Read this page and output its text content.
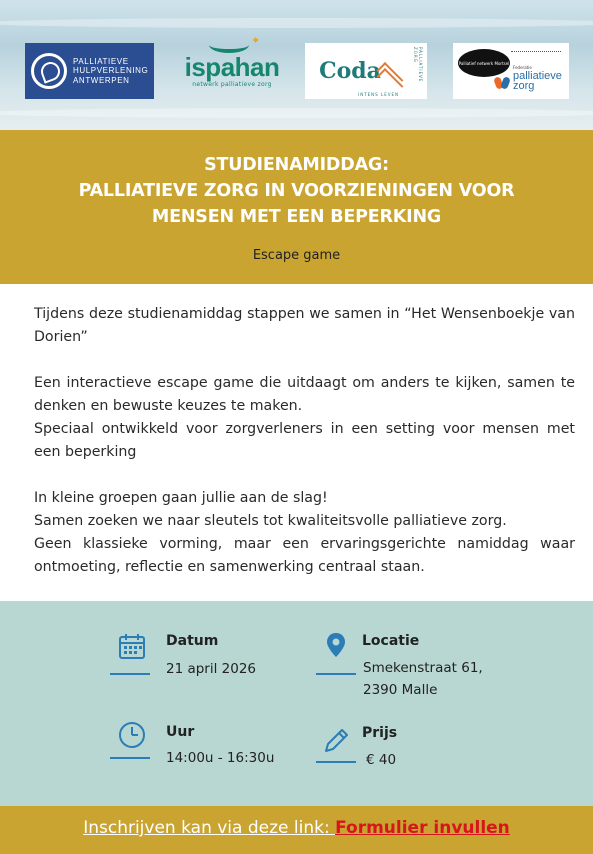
PALLIATIEVE
HULPVERLENING
ANTWERPEN
✦
ispahan
netwerk palliatieve zorg
Coda	PALLIATIEVE ZORG
INTENS LEVEN
Palliatief netwerk Mortsel
Federatie
palliatieve
zorg
STUDIENAMIDDAG:
PALLIATIEVE ZORG IN VOORZIENINGEN VOOR
MENSEN MET EEN BEPERKING
Escape game

Tijdens deze studienamiddag stappen we samen in “Het Wensenboekje van Dorien”

Een interactieve escape game die uitdaagt om anders te kijken, samen te denken en bewuste keuzes te maken.

Speciaal ontwikkeld voor zorgverleners in een setting voor mensen met een beperking

In kleine groepen gaan jullie aan de slag!

Samen zoeken we naar sleutels tot kwaliteitsvolle palliatieve zorg.

Geen klassieke vorming, maar een ervaringsgerichte namiddag waar ontmoeting, reflectie en samenwerking centraal staan.

Datum
21 april 2026
Locatie
Smekenstraat 61,
2390 Malle
Uur
14:00u - 16:30u
Prijs
€ 40
Inschrijven kan via deze link: Formulier invullen
